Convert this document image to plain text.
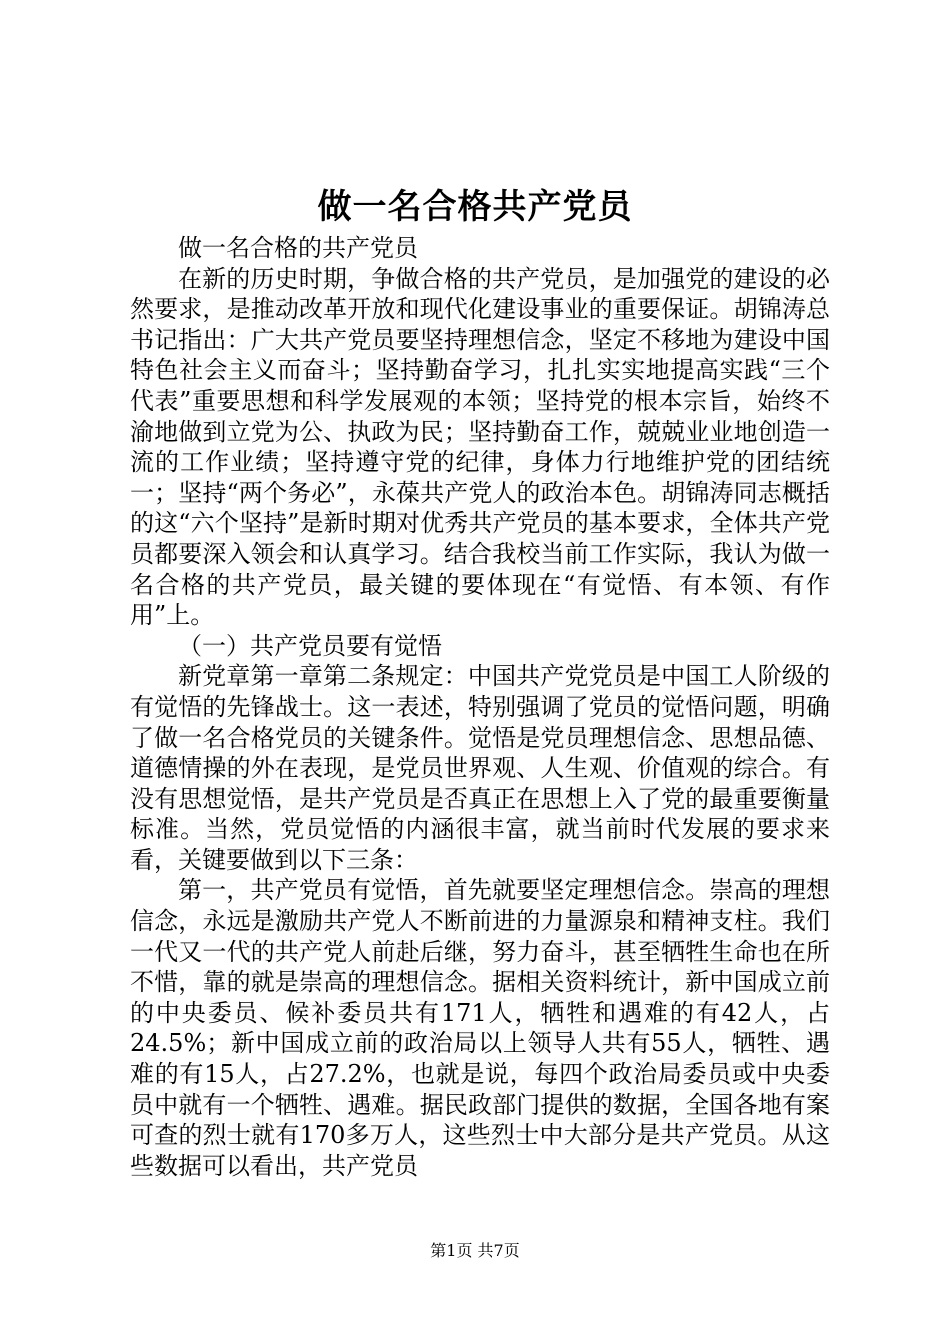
做一名合格共产党员

做一名合格的共产党员

在新的历史时期，争做合格的共产党员，是加强党的建设的必然要求，是推动改革开放和现代化建设事业的重要保证。胡锦涛总书记指出：广大共产党员要坚持理想信念，坚定不移地为建设中国特色社会主义而奋斗；坚持勤奋学习，扎扎实实地提高实践“三个代表”重要思想和科学发展观的本领；坚持党的根本宗旨，始终不渝地做到立党为公、执政为民；坚持勤奋工作，兢兢业业地创造一流的工作业绩；坚持遵守党的纪律，身体力行地维护党的团结统一；坚持“两个务必”，永葆共产党人的政治本色。胡锦涛同志概括的这“六个坚持”是新时期对优秀共产党员的基本要求，全体共产党员都要深入领会和认真学习。结合我校当前工作实际，我认为做一名合格的共产党员，最关键的要体现在“有觉悟、有本领、有作用”上。

（一）共产党员要有觉悟

新党章第一章第二条规定：中国共产党党员是中国工人阶级的有觉悟的先锋战士。这一表述，特别强调了党员的觉悟问题，明确了做一名合格党员的关键条件。觉悟是党员理想信念、思想品德、道德情操的外在表现，是党员世界观、人生观、价值观的综合。有没有思想觉悟，是共产党员是否真正在思想上入了党的最重要衡量标准。当然，党员觉悟的内涵很丰富，就当前时代发展的要求来看，关键要做到以下三条：

第一，共产党员有觉悟，首先就要坚定理想信念。崇高的理想信念，永远是激励共产党人不断前进的力量源泉和精神支柱。我们一代又一代的共产党人前赴后继，努力奋斗，甚至牺牲生命也在所不惜，靠的就是崇高的理想信念。据相关资料统计，新中国成立前的中央委员、候补委员共有171人，牺牲和遇难的有42人，占24.5%；新中国成立前的政治局以上领导人共有55人，牺牲、遇难的有15人，占27.2%，也就是说，每四个政治局委员或中央委员中就有一个牺牲、遇难。据民政部门提供的数据，全国各地有案可查的烈士就有170多万人，这些烈士中大部分是共产党员。从这些数据可以看出，共产党员

第1页 共7页
